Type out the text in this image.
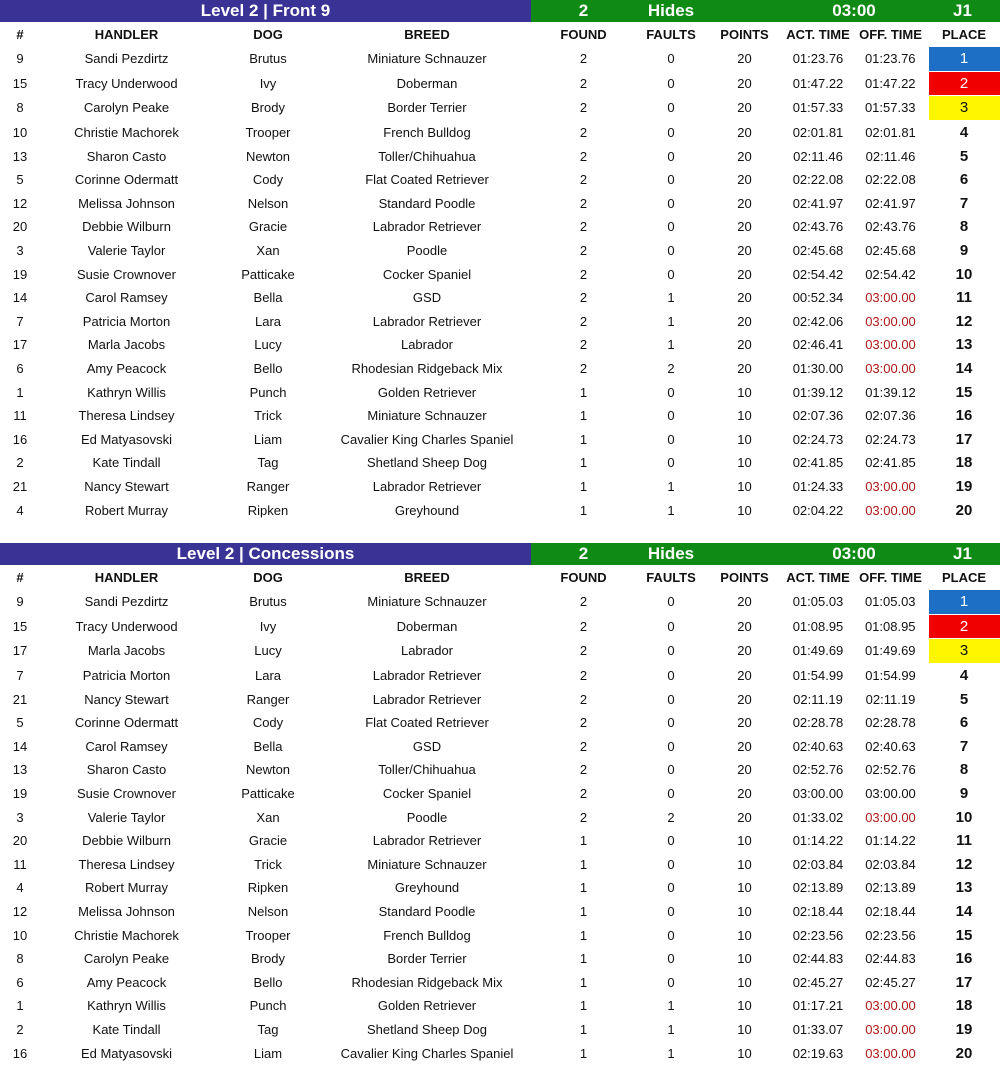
Level 2 | Front 9	2	Hides	03:00	J1
#	HANDLER	DOG	BREED	FOUND	FAULTS	POINTS	ACT. TIME	OFF. TIME	PLACE
9	Sandi Pezdirtz	Brutus	Miniature Schnauzer	2	0	20	01:23.76	01:23.76	1
15	Tracy Underwood	Ivy	Doberman	2	0	20	01:47.22	01:47.22	2
8	Carolyn Peake	Brody	Border Terrier	2	0	20	01:57.33	01:57.33	3
10	Christie Machorek	Trooper	French Bulldog	2	0	20	02:01.81	02:01.81	4
13	Sharon Casto	Newton	Toller/Chihuahua	2	0	20	02:11.46	02:11.46	5
5	Corinne Odermatt	Cody	Flat Coated Retriever	2	0	20	02:22.08	02:22.08	6
12	Melissa Johnson	Nelson	Standard Poodle	2	0	20	02:41.97	02:41.97	7
20	Debbie Wilburn	Gracie	Labrador Retriever	2	0	20	02:43.76	02:43.76	8
3	Valerie Taylor	Xan	Poodle	2	0	20	02:45.68	02:45.68	9
19	Susie Crownover	Patticake	Cocker Spaniel	2	0	20	02:54.42	02:54.42	10
14	Carol Ramsey	Bella	GSD	2	1	20	00:52.34	03:00.00	11
7	Patricia Morton	Lara	Labrador Retriever	2	1	20	02:42.06	03:00.00	12
17	Marla Jacobs	Lucy	Labrador	2	1	20	02:46.41	03:00.00	13
6	Amy Peacock	Bello	Rhodesian Ridgeback Mix	2	2	20	01:30.00	03:00.00	14
1	Kathryn Willis	Punch	Golden Retriever	1	0	10	01:39.12	01:39.12	15
11	Theresa Lindsey	Trick	Miniature Schnauzer	1	0	10	02:07.36	02:07.36	16
16	Ed Matyasovski	Liam	Cavalier King Charles Spaniel	1	0	10	02:24.73	02:24.73	17
2	Kate Tindall	Tag	Shetland Sheep Dog	1	0	10	02:41.85	02:41.85	18
21	Nancy Stewart	Ranger	Labrador Retriever	1	1	10	01:24.33	03:00.00	19
4	Robert Murray	Ripken	Greyhound	1	1	10	02:04.22	03:00.00	20
Level 2 | Concessions	2	Hides	03:00	J1
#	HANDLER	DOG	BREED	FOUND	FAULTS	POINTS	ACT. TIME	OFF. TIME	PLACE
9	Sandi Pezdirtz	Brutus	Miniature Schnauzer	2	0	20	01:05.03	01:05.03	1
15	Tracy Underwood	Ivy	Doberman	2	0	20	01:08.95	01:08.95	2
17	Marla Jacobs	Lucy	Labrador	2	0	20	01:49.69	01:49.69	3
7	Patricia Morton	Lara	Labrador Retriever	2	0	20	01:54.99	01:54.99	4
21	Nancy Stewart	Ranger	Labrador Retriever	2	0	20	02:11.19	02:11.19	5
5	Corinne Odermatt	Cody	Flat Coated Retriever	2	0	20	02:28.78	02:28.78	6
14	Carol Ramsey	Bella	GSD	2	0	20	02:40.63	02:40.63	7
13	Sharon Casto	Newton	Toller/Chihuahua	2	0	20	02:52.76	02:52.76	8
19	Susie Crownover	Patticake	Cocker Spaniel	2	0	20	03:00.00	03:00.00	9
3	Valerie Taylor	Xan	Poodle	2	2	20	01:33.02	03:00.00	10
20	Debbie Wilburn	Gracie	Labrador Retriever	1	0	10	01:14.22	01:14.22	11
11	Theresa Lindsey	Trick	Miniature Schnauzer	1	0	10	02:03.84	02:03.84	12
4	Robert Murray	Ripken	Greyhound	1	0	10	02:13.89	02:13.89	13
12	Melissa Johnson	Nelson	Standard Poodle	1	0	10	02:18.44	02:18.44	14
10	Christie Machorek	Trooper	French Bulldog	1	0	10	02:23.56	02:23.56	15
8	Carolyn Peake	Brody	Border Terrier	1	0	10	02:44.83	02:44.83	16
6	Amy Peacock	Bello	Rhodesian Ridgeback Mix	1	0	10	02:45.27	02:45.27	17
1	Kathryn Willis	Punch	Golden Retriever	1	1	10	01:17.21	03:00.00	18
2	Kate Tindall	Tag	Shetland Sheep Dog	1	1	10	01:33.07	03:00.00	19
16	Ed Matyasovski	Liam	Cavalier King Charles Spaniel	1	1	10	02:19.63	03:00.00	20
